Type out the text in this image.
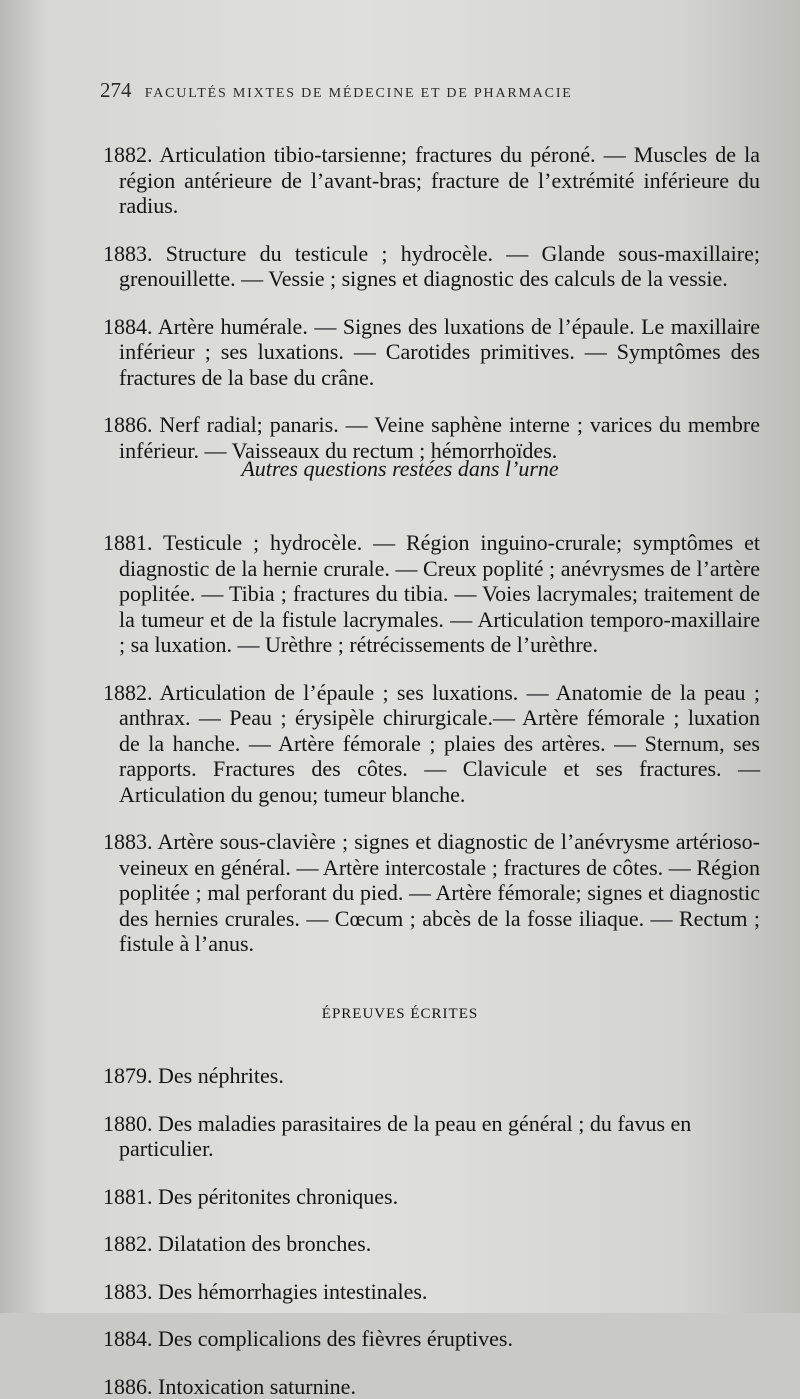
274 FACULTÉS MIXTES DE MÉDECINE ET DE PHARMACIE

1882. Articulation tibio-tarsienne; fractures du péroné. — Muscles de la région antérieure de l’avant-bras; fracture de l’extrémité inférieure du radius.

1883. Structure du testicule ; hydrocèle. — Glande sous-maxillaire; grenouillette. — Vessie ; signes et diagnostic des calculs de la vessie.

1884. Artère humérale. — Signes des luxations de l’épaule. Le maxillaire inférieur ; ses luxations. — Carotides primitives. — Symptômes des fractures de la base du crâne.

1886. Nerf radial; panaris. — Veine saphène interne ; varices du membre inférieur. — Vaisseaux du rectum ; hémorrhoïdes.

Autres questions restées dans l’urne

1881. Testicule ; hydrocèle. — Région inguino-crurale; symptômes et diagnostic de la hernie crurale. — Creux poplité ; anévrysmes de l’artère poplitée. — Tibia ; fractures du tibia. — Voies lacrymales; traitement de la tumeur et de la fistule lacrymales. — Articulation temporo-maxillaire ; sa luxation. — Urèthre ; rétrécissements de l’urèthre.

1882. Articulation de l’épaule ; ses luxations. — Anatomie de la peau ; anthrax. — Peau ; érysipèle chirurgicale.— Artère fémorale ; luxation de la hanche. — Artère fémorale ; plaies des artères. — Sternum, ses rapports. Fractures des côtes. — Clavicule et ses fractures. — Articulation du genou; tumeur blanche.

1883. Artère sous-clavière ; signes et diagnostic de l’anévrysme artérioso-veineux en général. — Artère intercostale ; fractures de côtes. — Région poplitée ; mal perforant du pied. — Artère fémorale; signes et diagnostic des hernies crurales. — Cœcum ; abcès de la fosse iliaque. — Rectum ; fistule à l’anus.

ÉPREUVES ÉCRITES

1879. Des néphrites.

1880. Des maladies parasitaires de la peau en général ; du favus en particulier.

1881. Des péritonites chroniques.

1882. Dilatation des bronches.

1883. Des hémorrhagies intestinales.

1884. Des complicalions des fièvres éruptives.

1886. Intoxication saturnine.
